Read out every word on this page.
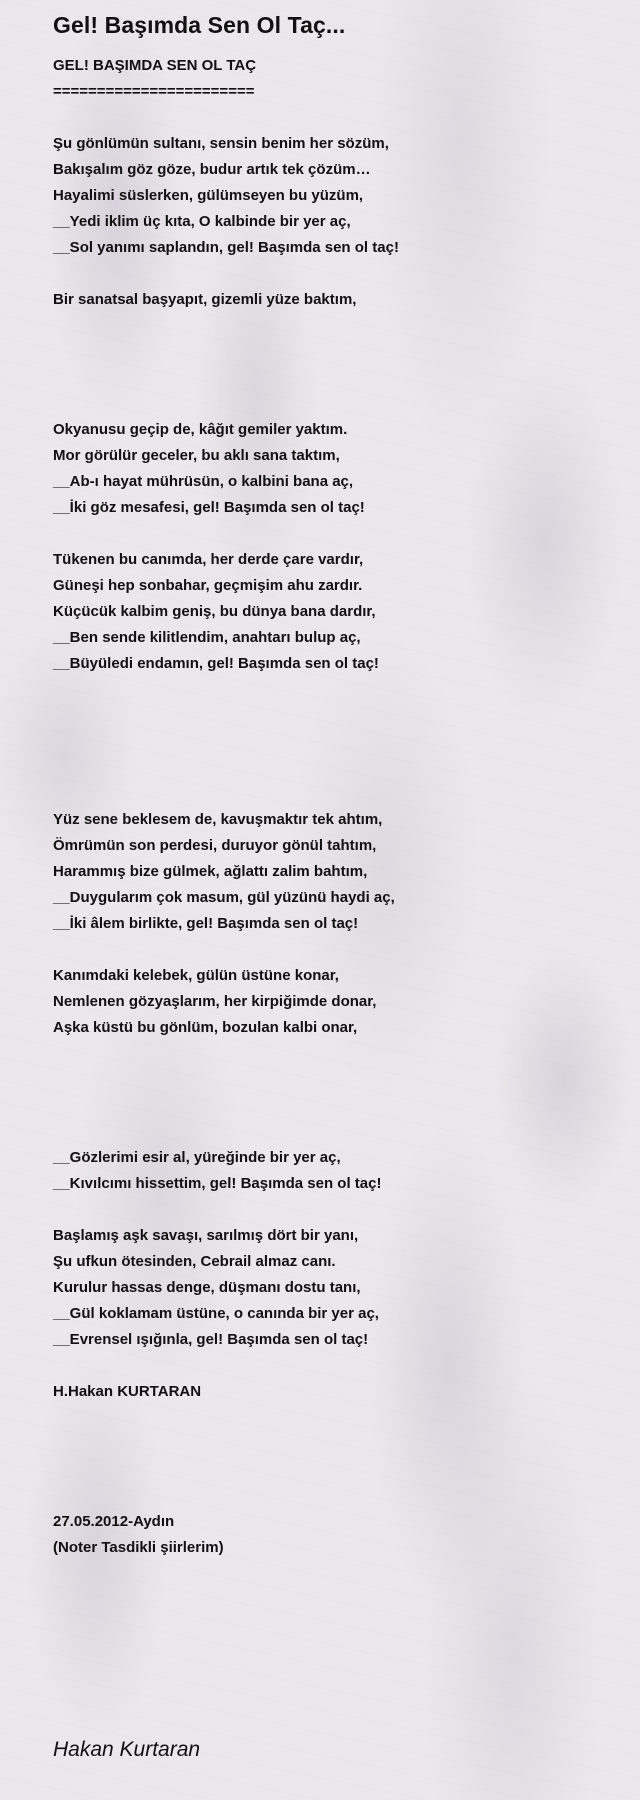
Gel! Başımda Sen Ol Taç...
GEL! BAŞIMDA SEN OL TAÇ
=======================
Şu gönlümün sultanı, sensin benim her sözüm,
Bakışalım göz göze, budur artık tek çözüm…
Hayalimi süslerken, gülümseyen bu yüzüm,
__Yedi iklim üç kıta, O kalbinde bir yer aç,
__Sol yanımı saplandın, gel! Başımda sen ol taç!
Bir sanatsal başyapıt, gizemli yüze baktım,
Okyanusu geçip de, kâğıt gemiler yaktım.
Mor görülür geceler, bu aklı sana taktım,
__Ab-ı hayat mührüsün, o kalbini bana aç,
__İki göz mesafesi, gel! Başımda sen ol taç!
Tükenen bu canımda, her derde çare vardır,
Güneşi hep sonbahar, geçmişim ahu zardır.
Küçücük kalbim geniş, bu dünya bana dardır,
__Ben sende kilitlendim, anahtarı bulup aç,
__Büyüledi endamın, gel! Başımda sen ol taç!
Yüz sene beklesem de, kavuşmaktır tek ahtım,
Ömrümün son perdesi, duruyor gönül tahtım,
Harammış bize gülmek, ağlattı zalim bahtım,
__Duygularım çok masum, gül yüzünü haydi aç,
__İki âlem birlikte, gel! Başımda sen ol taç!
Kanımdaki kelebek, gülün üstüne konar,
Nemlenen gözyaşlarım, her kirpiğimde donar,
Aşka küstü bu gönlüm, bozulan kalbi onar,
__Gözlerimi esir al, yüreğinde bir yer aç,
__Kıvılcımı hissettim, gel! Başımda sen ol taç!
Başlamış aşk savaşı, sarılmış dört bir yanı,
Şu ufkun ötesinden, Cebrail almaz canı.
Kurulur hassas denge, düşmanı dostu tanı,
__Gül koklamam üstüne, o canında bir yer aç,
__Evrensel ışığınla, gel! Başımda sen ol taç!
H.Hakan KURTARAN
27.05.2012-Aydın
(Noter Tasdikli şiirlerim)
Hakan Kurtaran
